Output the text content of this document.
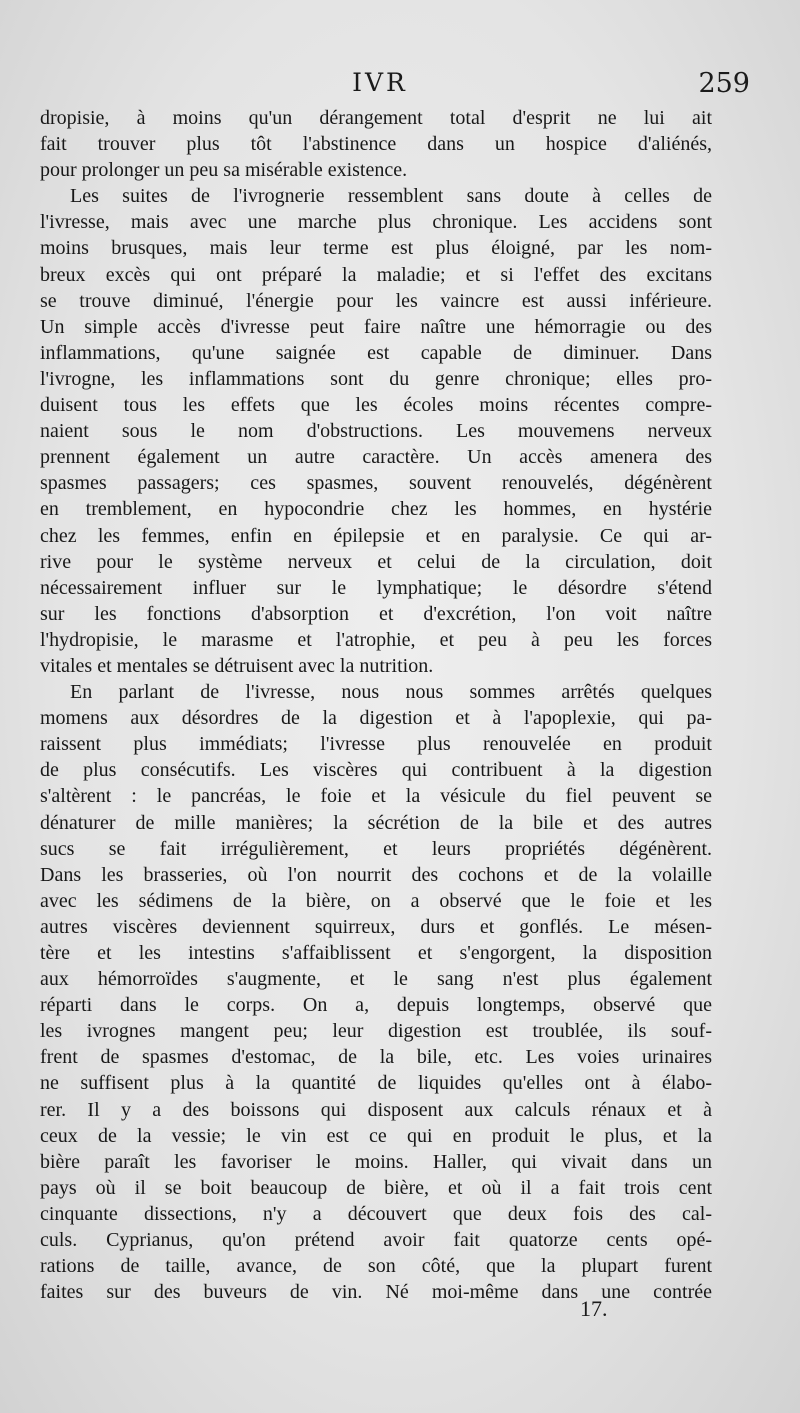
IVR	259
dropisie, à moins qu'un dérangement total d'esprit ne lui ait
fait trouver plus tôt l'abstinence dans un hospice d'aliénés,
pour prolonger un peu sa misérable existence.
Les suites de l'ivrognerie ressemblent sans doute à celles de
l'ivresse, mais avec une marche plus chronique. Les accidens sont
moins brusques, mais leur terme est plus éloigné, par les nom-
breux excès qui ont préparé la maladie; et si l'effet des excitans
se trouve diminué, l'énergie pour les vaincre est aussi inférieure.
Un simple accès d'ivresse peut faire naître une hémorragie ou des
inflammations, qu'une saignée est capable de diminuer. Dans
l'ivrogne, les inflammations sont du genre chronique; elles pro-
duisent tous les effets que les écoles moins récentes compre-
naient sous le nom d'obstructions. Les mouvemens nerveux
prennent également un autre caractère. Un accès amenera des
spasmes passagers; ces spasmes, souvent renouvelés, dégénèrent
en tremblement, en hypocondrie chez les hommes, en hystérie
chez les femmes, enfin en épilepsie et en paralysie. Ce qui ar-
rive pour le système nerveux et celui de la circulation, doit
nécessairement influer sur le lymphatique; le désordre s'étend
sur les fonctions d'absorption et d'excrétion, l'on voit naître
l'hydropisie, le marasme et l'atrophie, et peu à peu les forces
vitales et mentales se détruisent avec la nutrition.
En parlant de l'ivresse, nous nous sommes arrêtés quelques
momens aux désordres de la digestion et à l'apoplexie, qui pa-
raissent plus immédiats; l'ivresse plus renouvelée en produit
de plus consécutifs. Les viscères qui contribuent à la digestion
s'altèrent : le pancréas, le foie et la vésicule du fiel peuvent se
dénaturer de mille manières; la sécrétion de la bile et des autres
sucs se fait irrégulièrement, et leurs propriétés dégénèrent.
Dans les brasseries, où l'on nourrit des cochons et de la volaille
avec les sédimens de la bière, on a observé que le foie et les
autres viscères deviennent squirreux, durs et gonflés. Le mésen-
tère et les intestins s'affaiblissent et s'engorgent, la disposition
aux hémorroïdes s'augmente, et le sang n'est plus également
réparti dans le corps. On a, depuis longtemps, observé que
les ivrognes mangent peu; leur digestion est troublée, ils souf-
frent de spasmes d'estomac, de la bile, etc. Les voies urinaires
ne suffisent plus à la quantité de liquides qu'elles ont à élabo-
rer. Il y a des boissons qui disposent aux calculs rénaux et à
ceux de la vessie; le vin est ce qui en produit le plus, et la
bière paraît les favoriser le moins. Haller, qui vivait dans un
pays où il se boit beaucoup de bière, et où il a fait trois cent
cinquante dissections, n'y a découvert que deux fois des cal-
culs. Cyprianus, qu'on prétend avoir fait quatorze cents opé-
rations de taille, avance, de son côté, que la plupart furent
faites sur des buveurs de vin. Né moi-même dans une contrée
17.
